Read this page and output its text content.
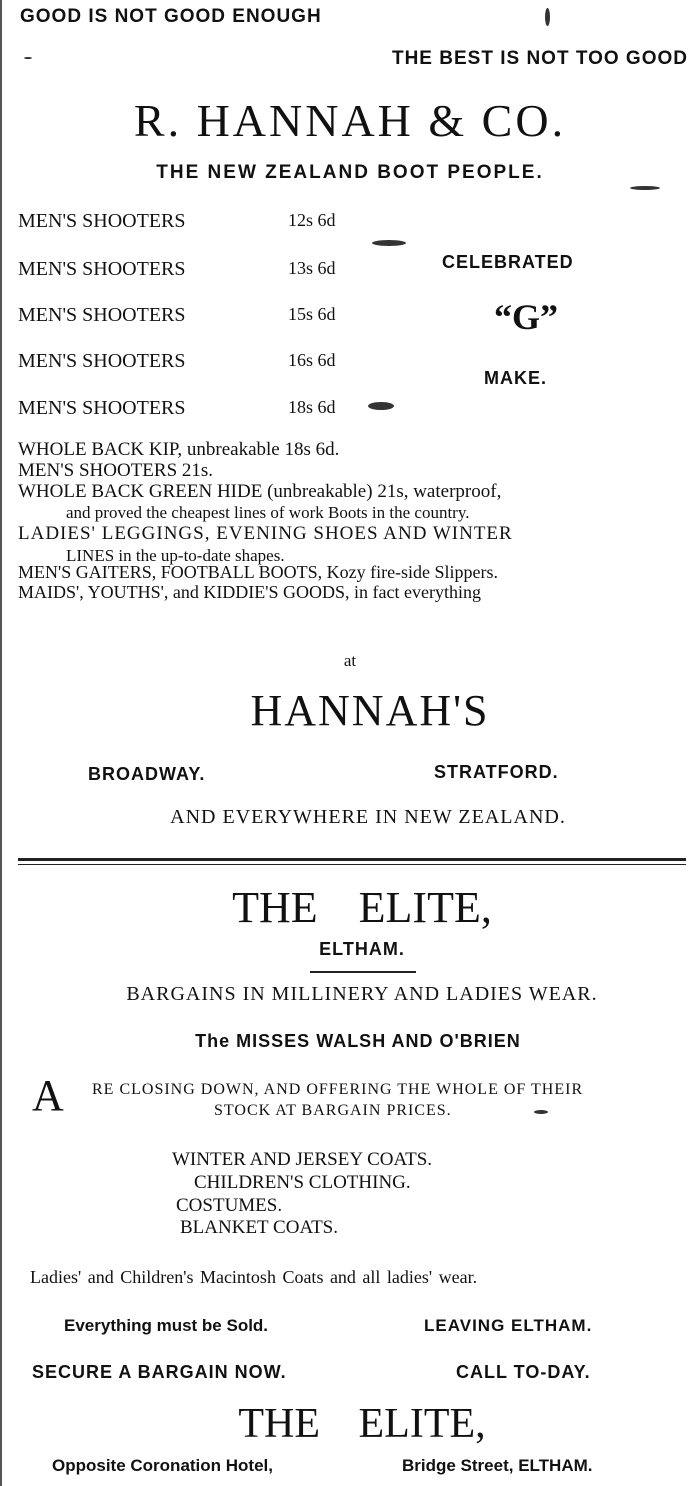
GOOD IS NOT GOOD ENOUGH
THE BEST IS NOT TOO GOOD
R. HANNAH & CO.
THE NEW ZEALAND BOOT PEOPLE.
MEN'S SHOOTERS	12s 6d
MEN'S SHOOTERS	13s 6d
MEN'S SHOOTERS	15s 6d
MEN'S SHOOTERS	16s 6d
MEN'S SHOOTERS	18s 6d
CELEBRATED
“G”
MAKE.
WHOLE BACK KIP, unbreakable 18s 6d.
MEN'S SHOOTERS 21s.
WHOLE BACK GREEN HIDE (unbreakable) 21s, waterproof,
and proved the cheapest lines of work Boots in the country.
LADIES' LEGGINGS, EVENING SHOES AND WINTER
LINES in the up-to-date shapes.
MEN'S GAITERS, FOOTBALL BOOTS, Kozy fire-side Slippers.
MAIDS', YOUTHS', and KIDDIE'S GOODS, in fact everything
at
HANNAH'S
BROADWAY.	STRATFORD.
AND EVERYWHERE IN NEW ZEALAND.
THE ELITE,
ELTHAM.
BARGAINS IN MILLINERY AND LADIES WEAR.
The MISSES WALSH AND O'BRIEN
A RE CLOSING DOWN, AND OFFERING THE WHOLE OF THEIR
STOCK AT BARGAIN PRICES.
WINTER AND JERSEY COATS.
CHILDREN'S CLOTHING.
COSTUMES.
BLANKET COATS.
Ladies' and Children's Macintosh Coats and all ladies' wear.
Everything must be Sold.	LEAVING ELTHAM.
SECURE A BARGAIN NOW.	CALL TO-DAY.
THE ELITE,
Opposite Coronation Hotel,	Bridge Street, ELTHAM.
